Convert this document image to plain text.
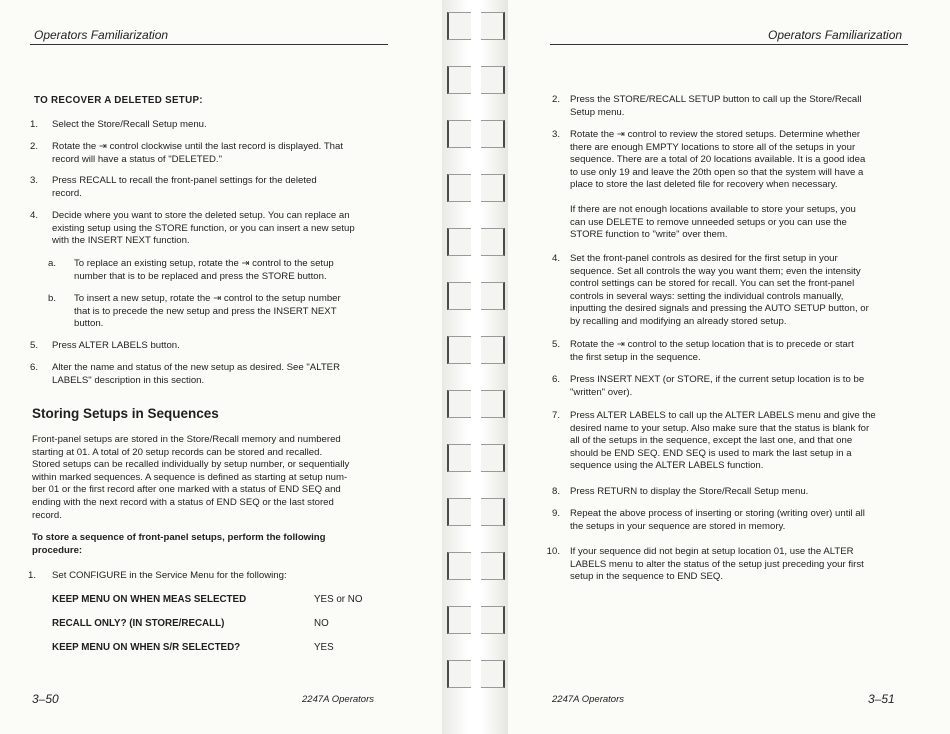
Operators Familiarization
TO RECOVER A DELETED SETUP:
1. Select the Store/Recall Setup menu.
2. Rotate the ⇥ control clockwise until the last record is displayed. That
record will have a status of "DELETED."
3. Press RECALL to recall the front-panel settings for the deleted
record.
4. Decide where you want to store the deleted setup. You can replace an
existing setup using the STORE function, or you can insert a new setup
with the INSERT NEXT function.
a. To replace an existing setup, rotate the ⇥ control to the setup
number that is to be replaced and press the STORE button.
b. To insert a new setup, rotate the ⇥ control to the setup number
that is to precede the new setup and press the INSERT NEXT
button.
5. Press ALTER LABELS button.
6. Alter the name and status of the new setup as desired. See "ALTER
LABELS" description in this section.
Storing Setups in Sequences
Front-panel setups are stored in the Store/Recall memory and numbered
starting at 01. A total of 20 setup records can be stored and recalled.
Stored setups can be recalled individually by setup number, or sequentially
within marked sequences. A sequence is defined as starting at setup num-
ber 01 or the first record after one marked with a status of END SEQ and
ending with the next record with a status of END SEQ or the last stored
record.
To store a sequence of front-panel setups, perform the following
procedure:
1. Set CONFIGURE in the Service Menu for the following:
KEEP MENU ON WHEN MEAS SELECTED	YES or NO
RECALL ONLY? (IN STORE/RECALL)	NO
KEEP MENU ON WHEN S/R SELECTED?	YES
3–50	2247A Operators
Operators Familiarization
2. Press the STORE/RECALL SETUP button to call up the Store/Recall
Setup menu.
3. Rotate the ⇥ control to review the stored setups. Determine whether
there are enough EMPTY locations to store all of the setups in your
sequence. There are a total of 20 locations available. It is a good idea
to use only 19 and leave the 20th open so that the system will have a
place to store the last deleted file for recovery when necessary.
If there are not enough locations available to store your setups, you
can use DELETE to remove unneeded setups or you can use the
STORE function to "write" over them.
4. Set the front-panel controls as desired for the first setup in your
sequence. Set all controls the way you want them; even the intensity
control settings can be stored for recall. You can set the front-panel
controls in several ways: setting the individual controls manually,
inputting the desired signals and pressing the AUTO SETUP button, or
by recalling and modifying an already stored setup.
5. Rotate the ⇥ control to the setup location that is to precede or start
the first setup in the sequence.
6. Press INSERT NEXT (or STORE, if the current setup location is to be
"written" over).
7. Press ALTER LABELS to call up the ALTER LABELS menu and give the
desired name to your setup. Also make sure that the status is blank for
all of the setups in the sequence, except the last one, and that one
should be END SEQ. END SEQ is used to mark the last setup in a
sequence using the ALTER LABELS function.
8. Press RETURN to display the Store/Recall Setup menu.
9. Repeat the above process of inserting or storing (writing over) until all
the setups in your sequence are stored in memory.
10. If your sequence did not begin at setup location 01, use the ALTER
LABELS menu to alter the status of the setup just preceding your first
setup in the sequence to END SEQ.
2247A Operators	3–51
